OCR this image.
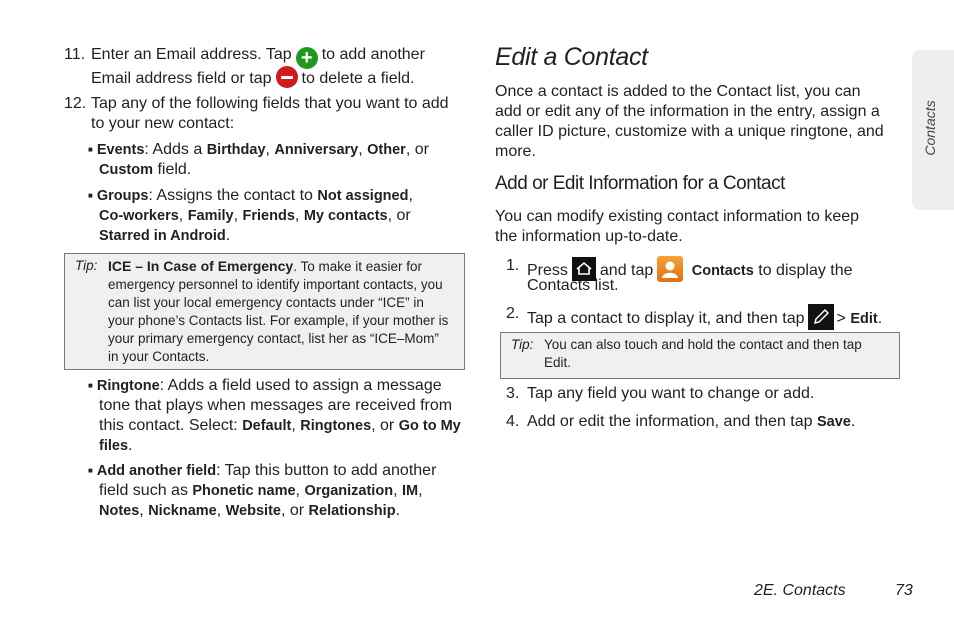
11. Enter an Email address. Tap + to add another
Email address field or tap to delete a field.
12. Tap any of the following fields that you want to add
to your new contact:
■ Events: Adds a Birthday, Anniversary, Other, or
Custom field.
■ Groups: Assigns the contact to Not assigned,
Co-workers, Family, Friends, My contacts, or
Starred in Android.
Tip: ICE – In Case of Emergency. To make it easier for
emergency personnel to identify important contacts, you
can list your local emergency contacts under “ICE” in
your phone’s Contacts list. For example, if your mother is
your primary emergency contact, list her as “ICE–Mom”
in your Contacts.
■ Ringtone: Adds a field used to assign a message
tone that plays when messages are received from
this contact. Select: Default, Ringtones, or Go to My
files.
■ Add another field: Tap this button to add another
field such as Phonetic name, Organization, IM,
Notes, Nickname, Website, or Relationship.
Edit a Contact
Once a contact is added to the Contact list, you can
add or edit any of the information in the entry, assign a
caller ID picture, customize with a unique ringtone, and
more.
Add or Edit Information for a Contact
You can modify existing contact information to keep
the information up-to-date.
1. Press and tap	Contacts to display the
Contacts list.
2. Tap a contact to display it, and then tap > Edit.
Tip: You can also touch and hold the contact and then tap
Edit.
3. Tap any field you want to change or add.
4. Add or edit the information, and then tap Save.
Contacts
2E. Contacts	73
